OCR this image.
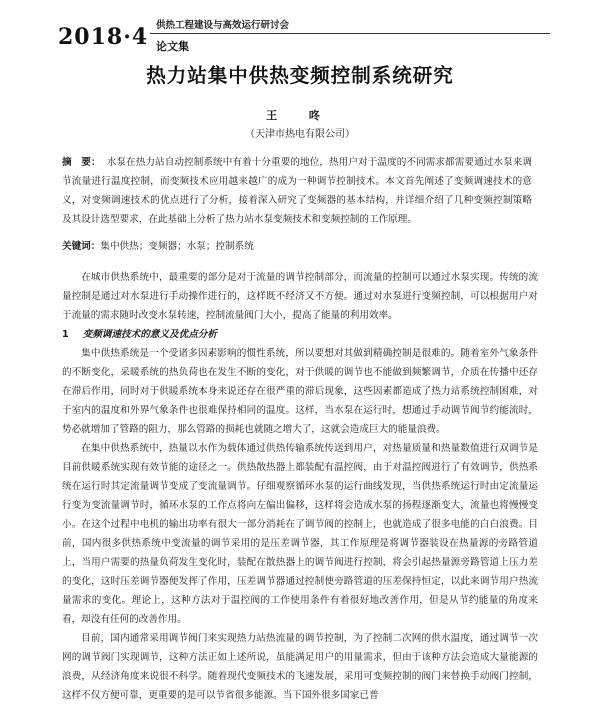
2018·4 供热工程建设与高效运行研讨会
论文集
热力站集中供热变频控制系统研究
王 咚
（天津市热电有限公司）
摘　要： 水泵在热力站自动控制系统中有着十分重要的地位，热用户对于温度的不同需求都需要通过水泵来调节流量进行温度控制，而变频技术应用越来越广的成为一种调节控制技术。本文首先阐述了变频调速技术的意义，对变频调速技术的优点进行了分析，接着深入研究了变频器的基本结构，并详细介绍了几种变频控制策略及其设计选型要求，在此基础上分析了热力站水泵变频技术和变频控制的工作原理。
关键词：集中供热；变频器；水泵；控制系统

在城市供热系统中，最重要的部分是对于流量的调节控制部分，而流量的控制可以通过水泵实现。传统的流量控制是通过对水泵进行手动操作进行的，这样既不经济又不方便。通过对水泵进行变频控制，可以根据用户对于流量的需求随时改变水泵转速，控制流量阀门大小，提高了能量的利用效率。

1 变频调速技术的意义及优点分析

集中供热系统是一个受诸多因素影响的惯性系统，所以要想对其做到精确控制是很难的。随着室外气象条件的不断变化，采暖系统的热负荷也在发生不断的变化，对于供暖的调节也不能做到频繁调节，介质在传播中还存在滞后作用，同时对于供暖系统本身来说还存在很严重的滞后现象，这些因素都造成了热力站系统控制困难，对于室内的温度和外界气象条件也很难保持相同的温度。这样，当水泵在运行时，想通过手动调节阀节约能流时，势必就增加了管路的阻力，那么管路的损耗也就随之增大了，这就会造成巨大的能量浪费。

在集中供热系统中，热量以水作为载体通过供热传输系统传送到用户，对热量质量和热量数值进行双调节是目前供暖系统实现有效节能的途径之一。供热散热器上都装配有温控阀，由于对温控阀进行了有效调节，供热系统在运行时其定流量调节变成了变流量调节。仔细观察循环水泵的运行曲线发现，当供热系统运行时由定流量运行变为变流量调节时，循环水泵的工作点将向左偏出偏移，这样将会造成水泵的扬程逐渐变大，流量也将慢慢变小。在这个过程中电机的输出功率有很大一部分消耗在了调节阀的控制上，也就造成了很多电能的白白浪费。目前，国内很多供热系统中变流量的调节采用的是压差调节器，其工作原理是将调节器装设在热量源的旁路管道上，当用户需要的热量负荷发生变化时，装配在散热器上的调节阀进行控制，将会引起热量源旁路管道上压力差的变化，这时压差调节器便发挥了作用，压差调节器通过控制使旁路管道的压差保持恒定，以此来调节用户热流量需求的变化。理论上，这种方法对于温控阀的工作使用条件有着很好地改善作用，但是从节约能量的角度来看，却没有任何的改善作用。

目前，国内通常采用调节阀门来实现热力站热流量的调节控制，为了控制二次网的供水温度，通过调节一次网的调节阀门实现调节，这种方法正如上述所说，虽能满足用户的用量需求，但由于该种方法会造成大量能源的浪费，从经济角度来说很不科学。随着现代变频技术的飞速发展，采用可变频控制的阀门来替换手动阀门控制，这样不仅方便可靠，更重要的是可以节省很多能源。当下国外很多国家已普
